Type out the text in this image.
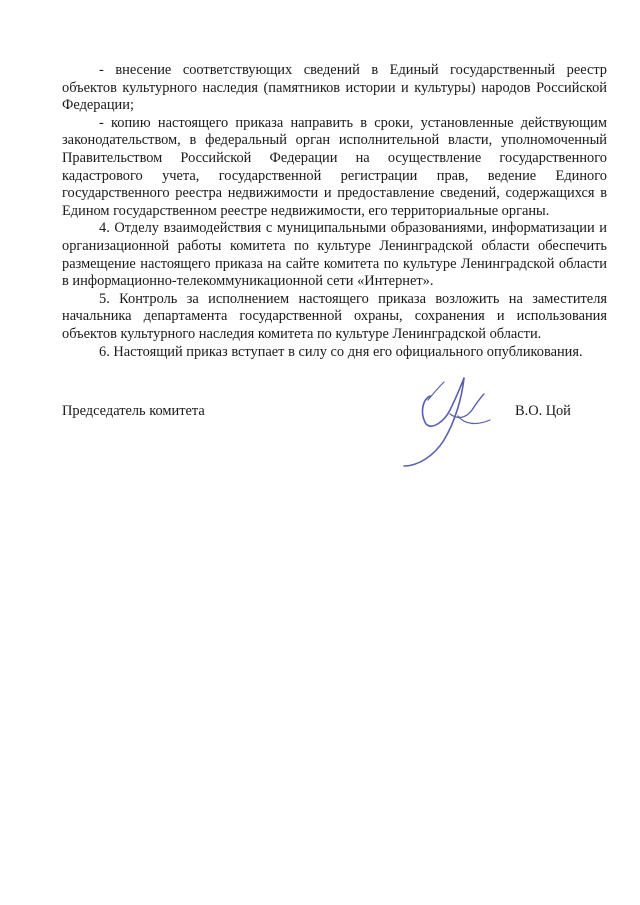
- внесение соответствующих сведений в Единый государственный реестр объектов культурного наследия (памятников истории и культуры) народов Российской Федерации;

- копию настоящего приказа направить в сроки, установленные действующим законодательством, в федеральный орган исполнительной власти, уполномоченный Правительством Российской Федерации на осуществление государственного кадастрового учета, государственной регистрации прав, ведение Единого государственного реестра недвижимости и предоставление сведений, содержащихся в Едином государственном реестре недвижимости, его территориальные органы.

4. Отделу взаимодействия с муниципальными образованиями, информатизации и организационной работы комитета по культуре Ленинградской области обеспечить размещение настоящего приказа на сайте комитета по культуре Ленинградской области в информационно-телекоммуникационной сети «Интернет».

5. Контроль за исполнением настоящего приказа возложить на заместителя начальника департамента государственной охраны, сохранения и использования объектов культурного наследия комитета по культуре Ленинградской области.

6. Настоящий приказ вступает в силу со дня его официального опубликования.

Председатель комитета	В.О. Цой
